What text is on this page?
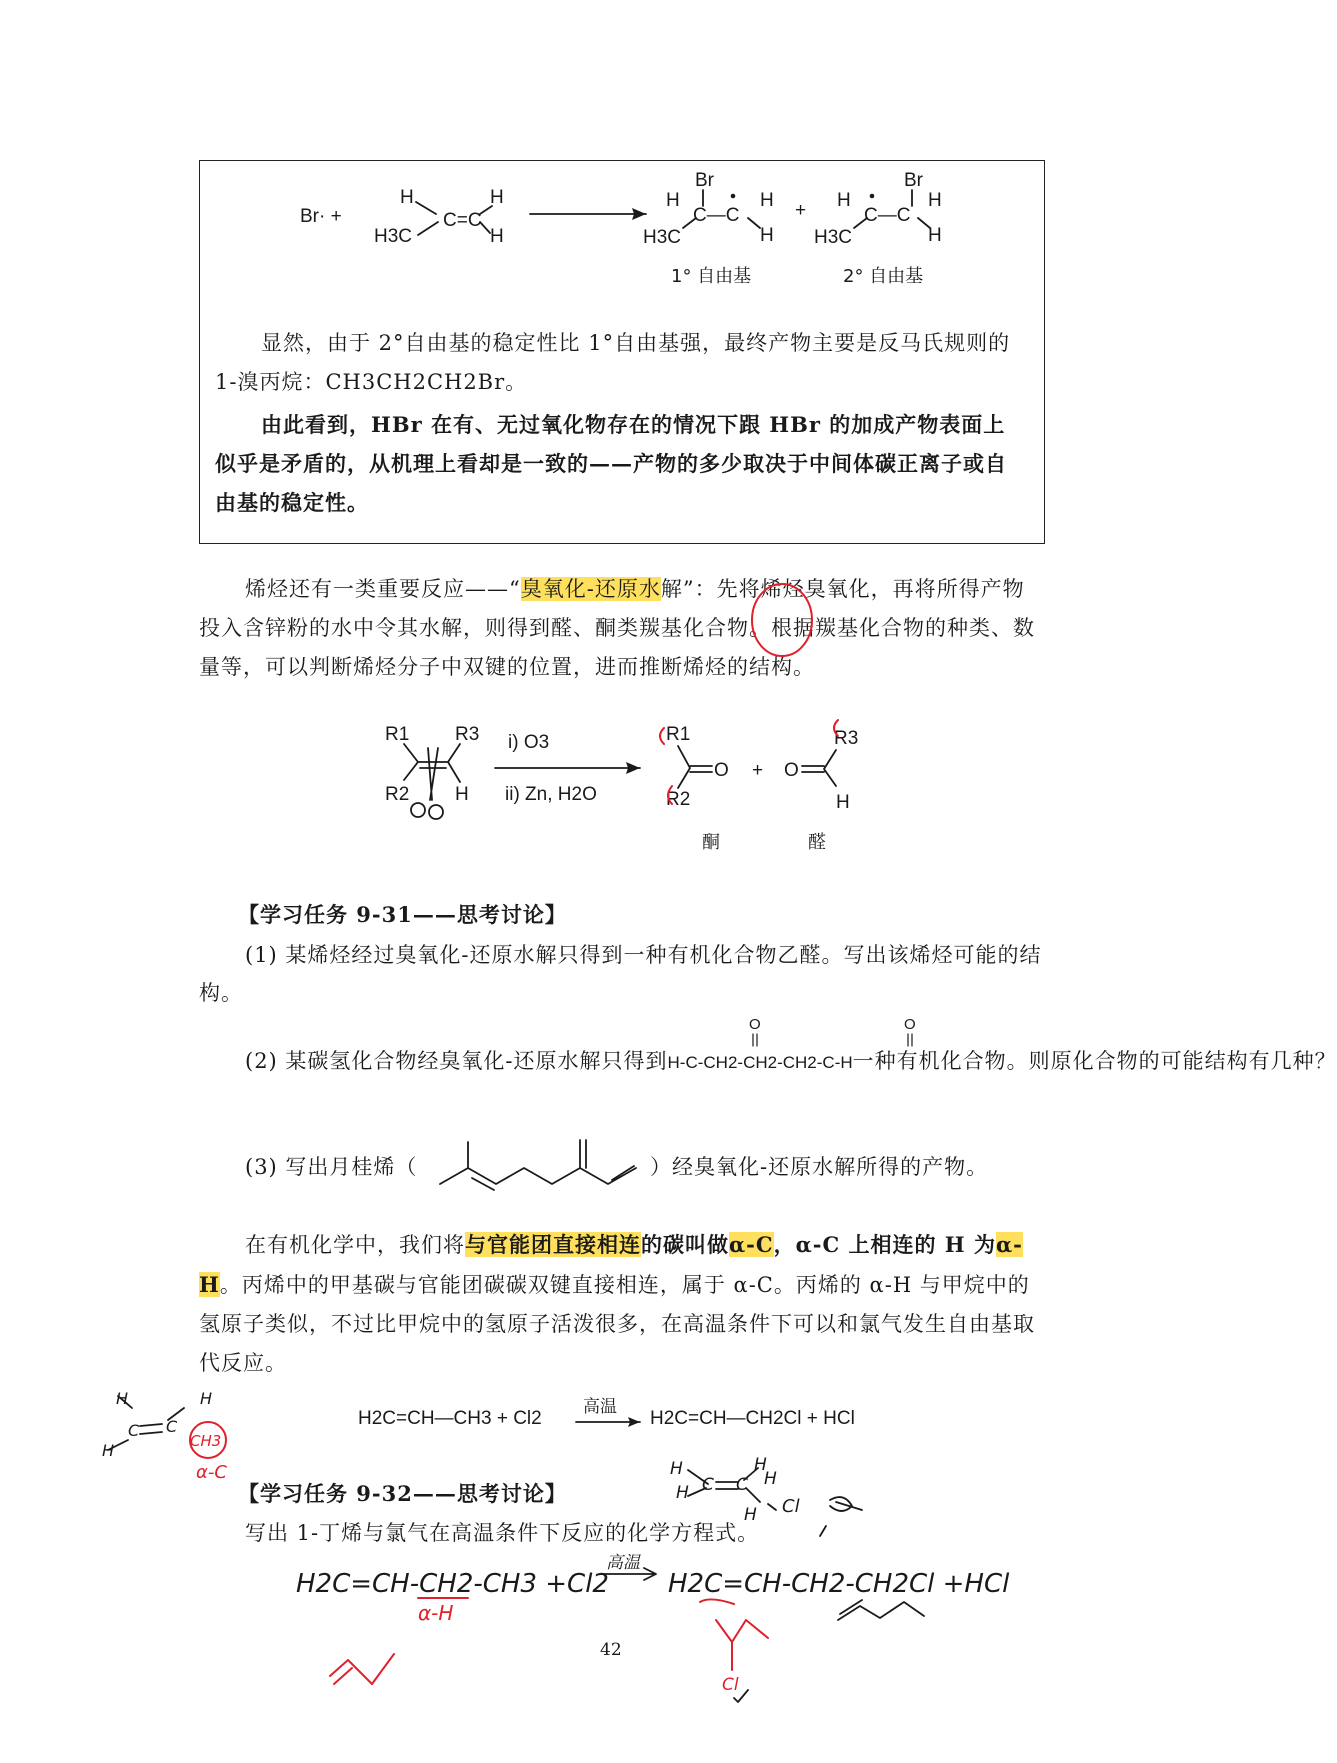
Br· +
H
C=C
H
H
H3C
Br
H
C—C
H
H3C	H
+
Br
H
C—C
H
H3C	H
1° 自由基	2° 自由基
显然，由于 2°自由基的稳定性比 1°自由基强，最终产物主要是反马氏规则的 1-溴丙烷：CH3CH2CH2Br。
由此看到，HBr 在有、无过氧化物存在的情况下跟 HBr 的加成产物表面上似乎是矛盾的，从机理上看却是一致的——产物的多少取决于中间体碳正离子或自由基的稳定性。
烯烃还有一类重要反应——“臭氧化-还原水解”：先将烯烃臭氧化，再将所得产物投入含锌粉的水中令其水解，则得到醛、酮类羰基化合物。根据羰基化合物的种类、数量等，可以判断烯烃分子中双键的位置，进而推断烯烃的结构。
R1 R3
R2 H
i) O3
ii) Zn, H2O
R1
R2
O + O
R3
H
酮	醛
【学习任务 9-31——思考讨论】
(1) 某烯烃经过臭氧化-还原水解只得到一种有机化合物乙醛。写出该烯烃可能的结构。
(2) 某碳氢化合物经臭氧化-还原水解只得到H-C-CH2-CH2-CH2-C-H一种有机化合物。则原化合物的可能结构有几种？
O	O
(3) 写出月桂烯（	）经臭氧化-还原水解所得的产物。
在有机化学中，我们将与官能团直接相连的碳叫做α-C，α-C 上相连的 H 为α-H。丙烯中的甲基碳与官能团碳碳双键直接相连，属于 α-C。丙烯的 α-H 与甲烷中的氢原子类似，不过比甲烷中的氢原子活泼很多，在高温条件下可以和氯气发生自由基取代反应。
H2C=CH—CH3 + Cl2
高温
H2C=CH—CH2Cl + HCl
【学习任务 9-32——思考讨论】
写出 1-丁烯与氯气在高温条件下反应的化学方程式。
H	H
H
C C
CH3
α-C	H
H C C
H
H
H Cl
H2C=CH-CH2-CH3 +Cl2
高温
H2C=CH-CH2-CH2Cl +HCl
α-H
Cl
42
